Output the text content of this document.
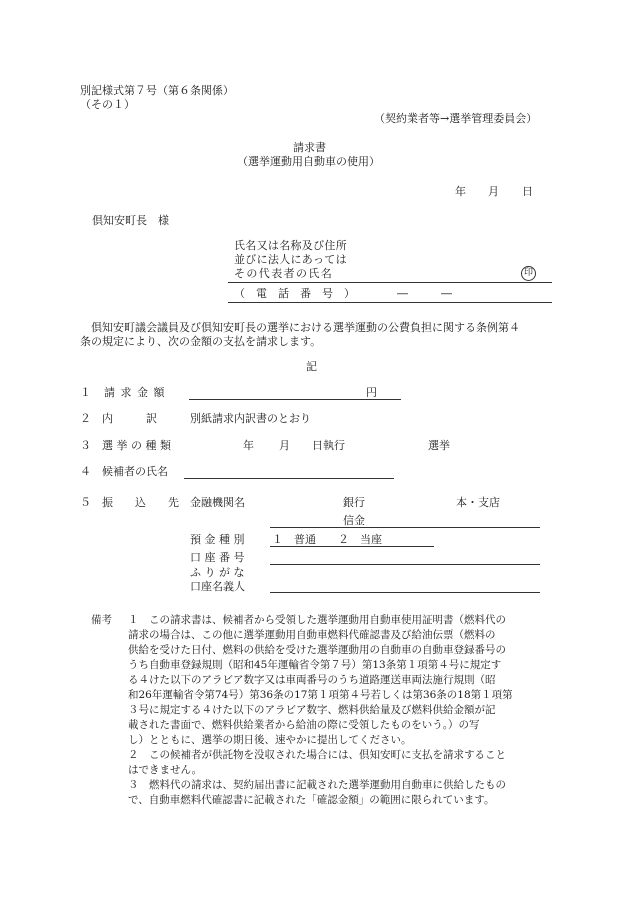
別記様式第７号（第６条関係）
（その１）
（契約業者等→選挙管理委員会）
請求書
（選挙運動用自動車の使用）
年 月 日
倶知安町長　様
氏名又は名称及び住所
並びに法人にあっては
その代表者の氏名	印
（　電　話　番　号　）	―　　　―
倶知安町議会議員及び倶知安町長の選挙における選挙運動の公費負担に関する条例第４
条の規定により、次の金額の支払を請求します。
記
１　請 求 金 額	円
２　内　　　訳	別紙請求内訳書のとおり
３　選 挙 の 種 類	年 月 日執行	選挙
４　候補者の氏名
５　振　　込　　先 金融機関名	銀行	本・支店
信金
預 金 種 別	１　普通　　２　当座
口 座 番 号
ふ り が な
口座名義人
備考 １　この請求書は、候補者から受領した選挙運動用自動車使用証明書（燃料代の
請求の場合は、この他に選挙運動用自動車燃料代確認書及び給油伝票（燃料の
供給を受けた日付、燃料の供給を受けた選挙運動用の自動車の自動車登録番号の
うち自動車登録規則（昭和45年運輸省令第７号）第13条第１項第４号に規定す
る４けた以下のアラビア数字又は車両番号のうち道路運送車両法施行規則（昭
和26年運輸省令第74号）第36条の17第１項第４号若しくは第36条の18第１項第
３号に規定する４けた以下のアラビア数字、燃料供給量及び燃料供給金額が記
載された書面で、燃料供給業者から給油の際に受領したものをいう。）の写
し）とともに、選挙の期日後、速やかに提出してください。
２　この候補者が供託物を没収された場合には、倶知安町に支払を請求すること
はできません。
３　燃料代の請求は、契約届出書に記載された選挙運動用自動車に供給したもの
で、自動車燃料代確認書に記載された「確認金額」の範囲に限られています。
